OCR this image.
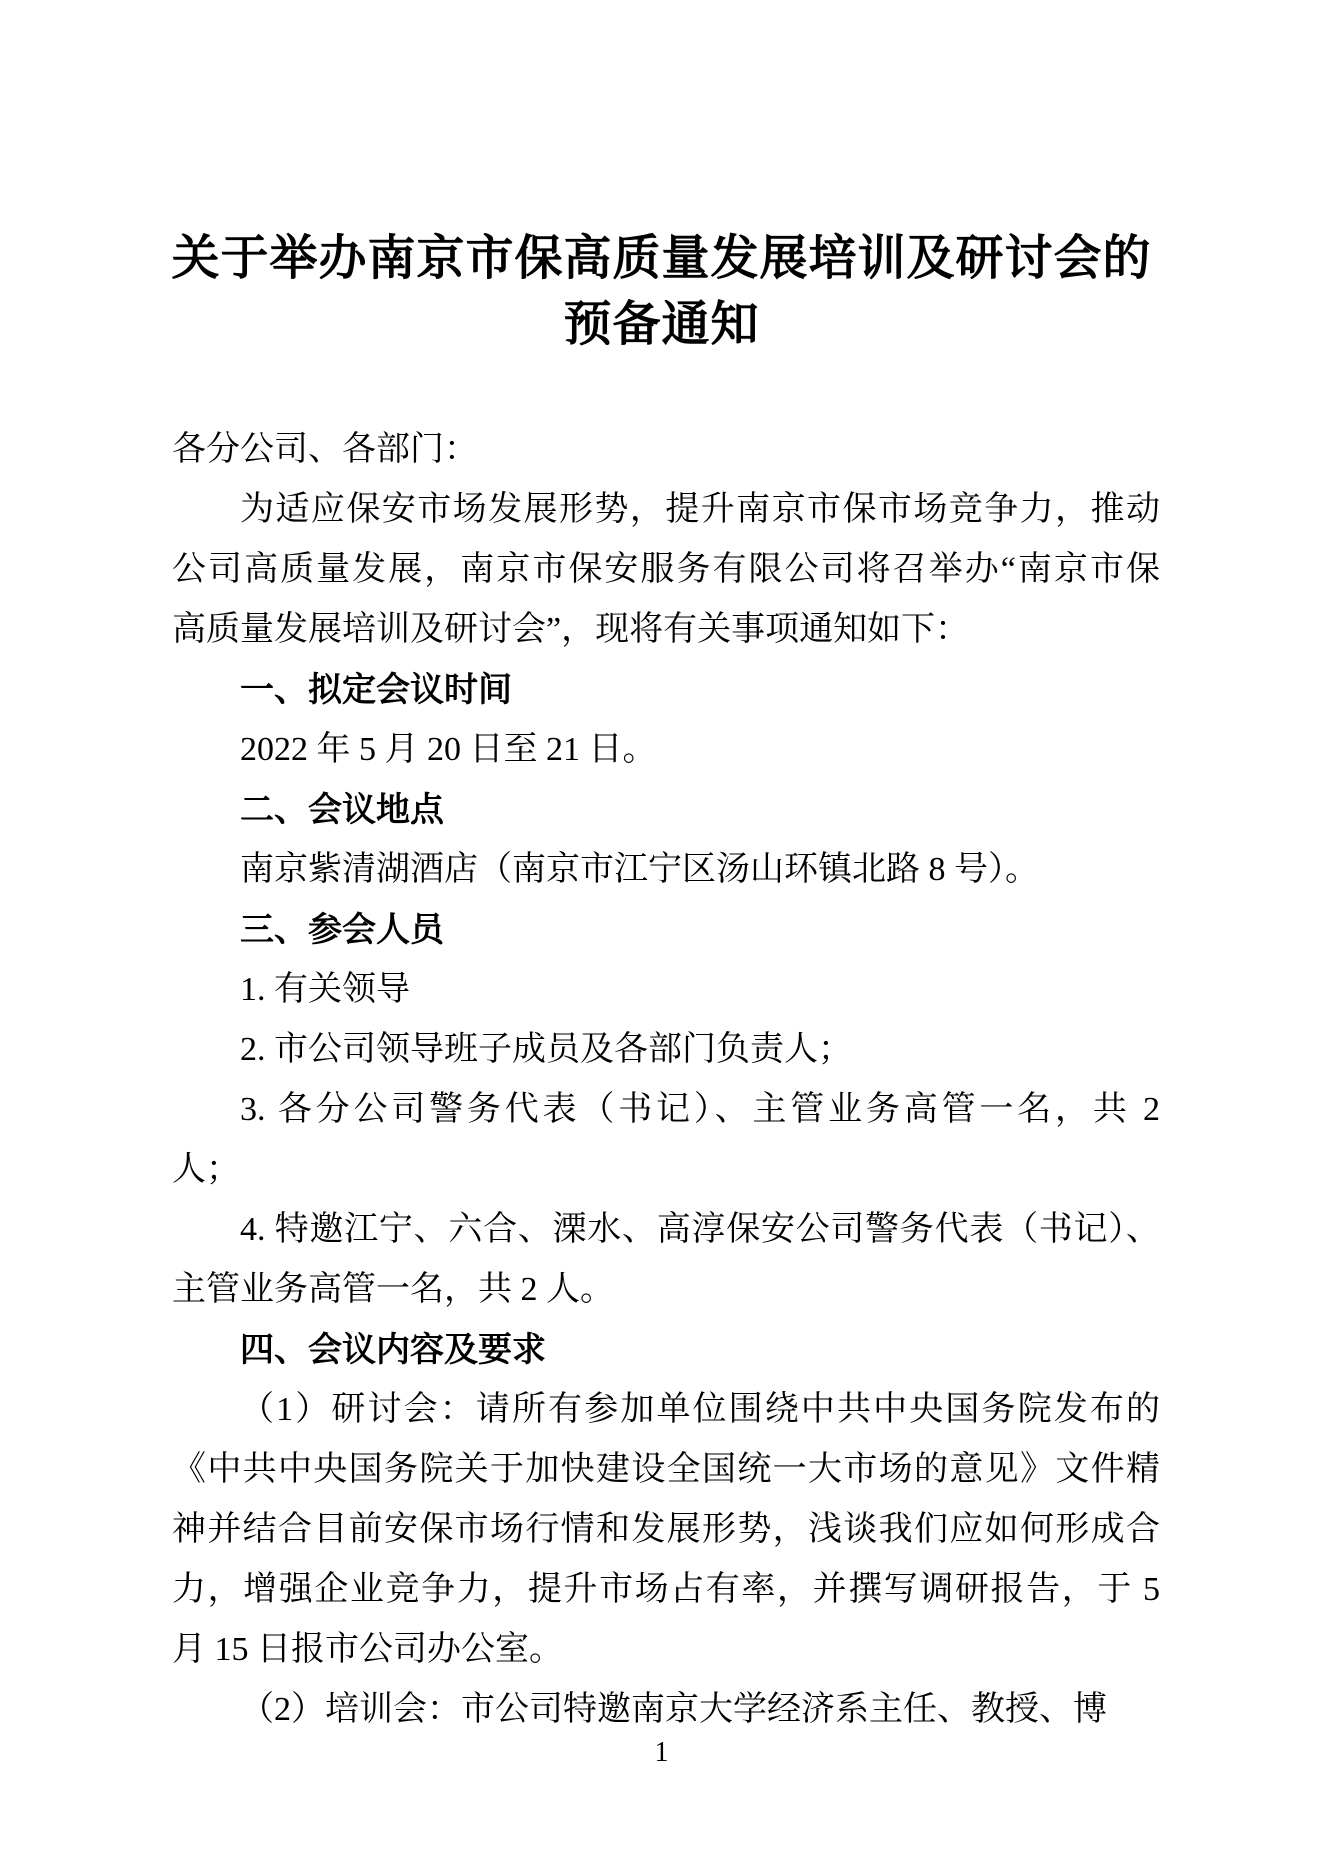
关于举办南京市保高质量发展培训及研讨会的
预备通知
各分公司、各部门：
为适应保安市场发展形势，提升南京市保市场竞争力，推动
公司高质量发展，南京市保安服务有限公司将召举办“南京市保
高质量发展培训及研讨会”，现将有关事项通知如下：
一、拟定会议时间
2022 年 5 月 20 日至 21 日。
二、会议地点
南京紫清湖酒店（南京市江宁区汤山环镇北路 8 号）。
三、参会人员
1. 有关领导
2. 市公司领导班子成员及各部门负责人；
3. 各分公司警务代表（书记）、主管业务高管一名，共 2
人；
4. 特邀江宁、六合、溧水、高淳保安公司警务代表（书记）、
主管业务高管一名，共 2 人。
四、会议内容及要求
（1）研讨会：请所有参加单位围绕中共中央国务院发布的
《中共中央国务院关于加快建设全国统一大市场的意见》文件精
神并结合目前安保市场行情和发展形势，浅谈我们应如何形成合
力，增强企业竞争力，提升市场占有率，并撰写调研报告，于 5
月 15 日报市公司办公室。
（2）培训会：市公司特邀南京大学经济系主任、教授、博
1
